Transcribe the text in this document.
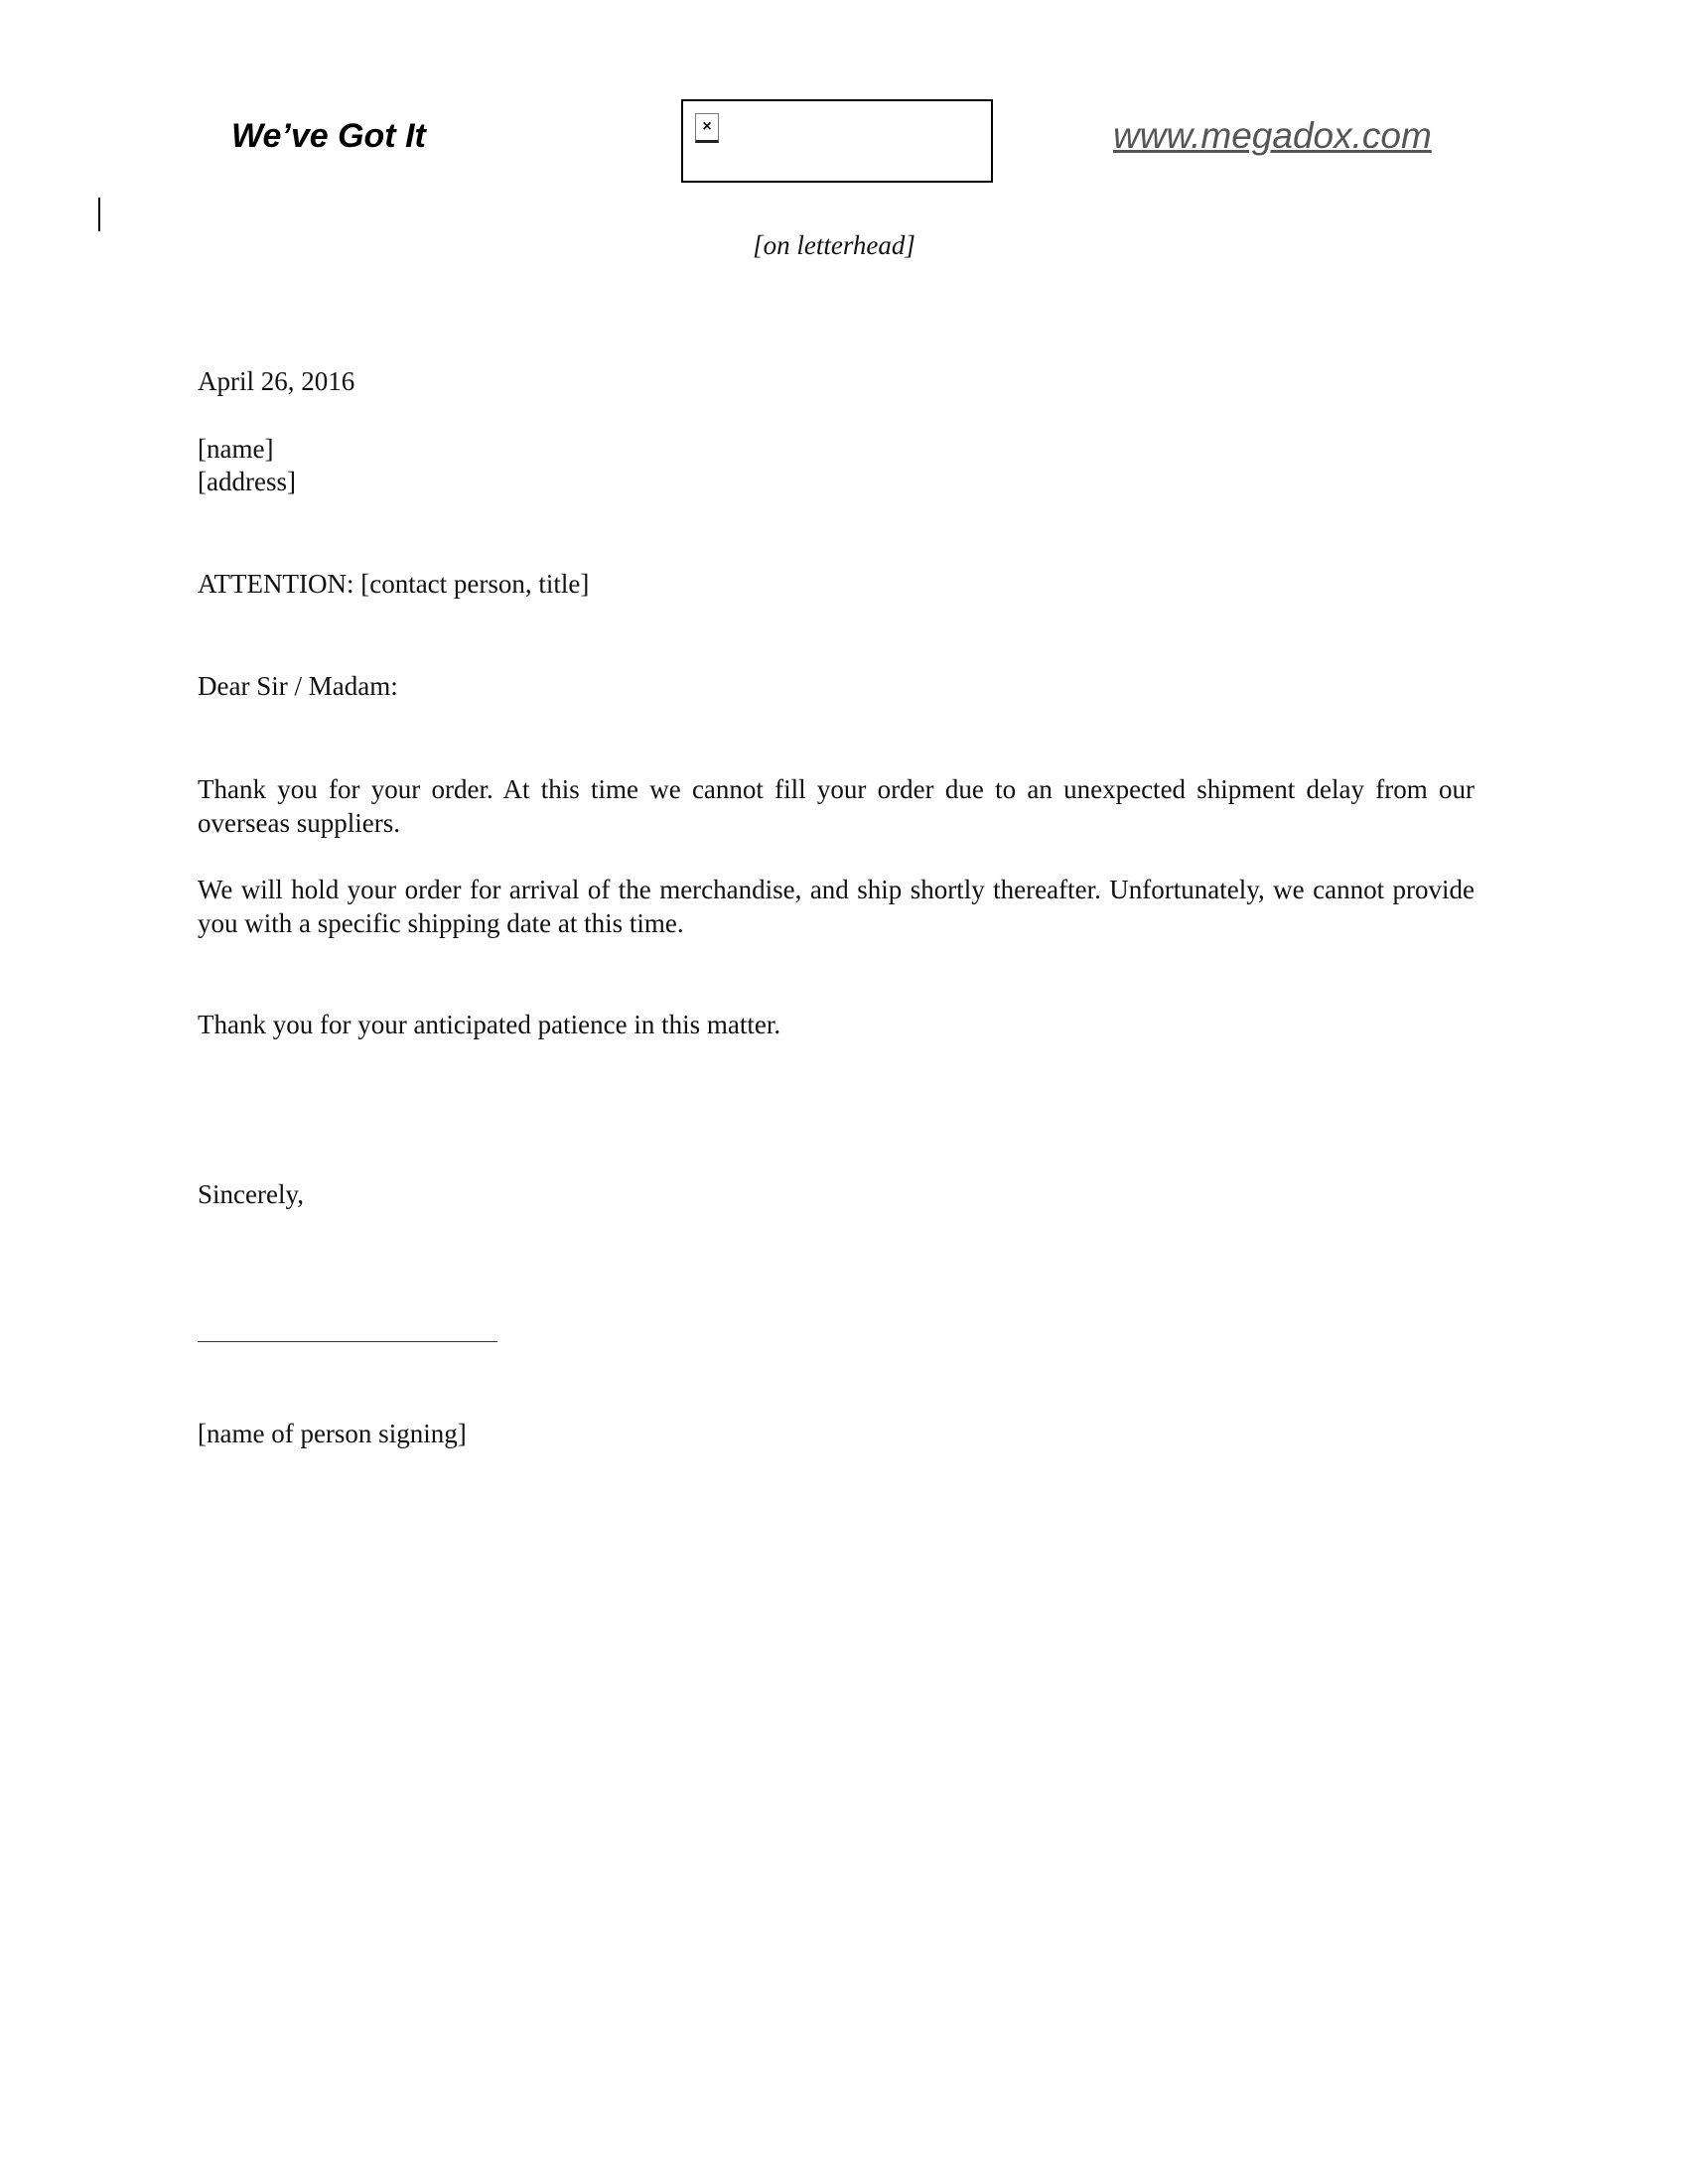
We’ve Got It	×	www.megadox.com
[on letterhead]
April 26, 2016
[name]
[address]
ATTENTION: [contact person, title]
Dear Sir / Madam:
Thank you for your order. At this time we cannot fill your order due to an unexpected shipment delay from our overseas suppliers.
We will hold your order for arrival of the merchandise, and ship shortly thereafter. Unfortunately, we cannot provide you with a specific shipping date at this time.
Thank you for your anticipated patience in this matter.
Sincerely,
[name of person signing]
